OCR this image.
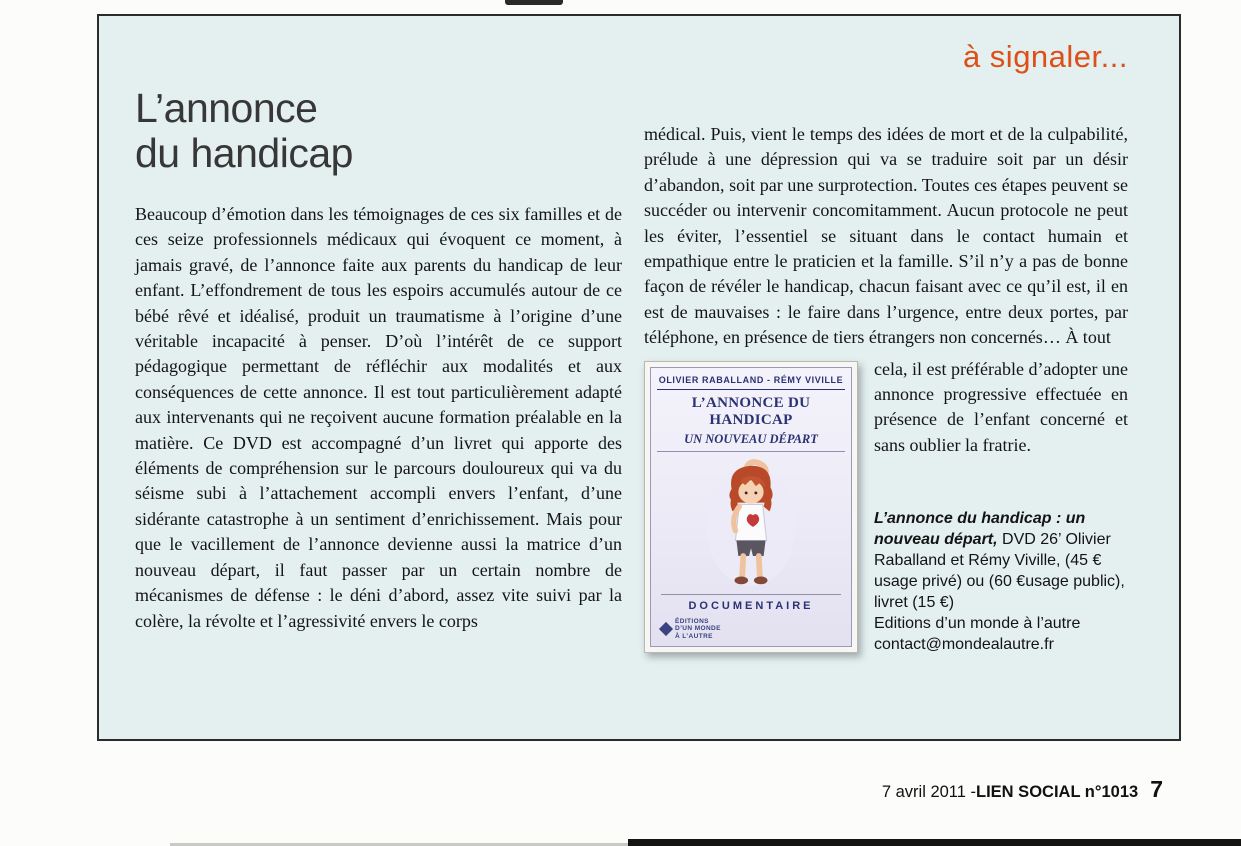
à signaler...
L’annonce
du handicap

Beaucoup d’émotion dans les témoignages de ces six familles et de ces seize professionnels médicaux qui évoquent ce moment, à jamais gravé, de l’annonce faite aux parents du handicap de leur enfant. L’effondrement de tous les espoirs accumulés autour de ce bébé rêvé et idéalisé, produit un traumatisme à l’origine d’une véritable incapacité à penser. D’où l’intérêt de ce support pédagogique permettant de réfléchir aux modalités et aux conséquences de cette annonce. Il est tout particulièrement adapté aux intervenants qui ne reçoivent aucune formation préalable en la matière. Ce DVD est accompagné d’un livret qui apporte des éléments de compréhension sur le parcours douloureux qui va du séisme subi à l’attachement accompli envers l’enfant, d’une sidérante catastrophe à un sentiment d’enrichissement. Mais pour que le vacillement de l’annonce devienne aussi la matrice d’un nouveau départ, il faut passer par un certain nombre de mécanismes de défense : le déni d’abord, assez vite suivi par la colère, la révolte et l’agressivité envers le corps

médical. Puis, vient le temps des idées de mort et de la culpabilité, prélude à une dépression qui va se traduire soit par un désir d’abandon, soit par une surprotection. Toutes ces étapes peuvent se succéder ou intervenir concomitamment. Aucun protocole ne peut les éviter, l’essentiel se situant dans le contact humain et empathique entre le praticien et la famille. S’il n’y a pas de bonne façon de révéler le handicap, chacun faisant avec ce qu’il est, il en est de mauvaises : le faire dans l’urgence, entre deux portes, par téléphone, en présence de tiers étrangers non concernés… À tout

OLIVIER RABALLAND - RÉMY VIVILLE
L’ANNONCE DU HANDICAP
UN NOUVEAU DÉPART
DOCUMENTAIRE
ÉDITIONS
D’UN MONDE
À L’AUTRE

cela, il est préférable d’adopter une annonce progressive effectuée en présence de l’enfant concerné et sans oublier la fratrie.

L’annonce du handicap : un nouveau départ, DVD 26’ Olivier Raballand et Rémy Viville, (45 € usage privé) ou (60 €usage public), livret (15 €)
Editions d’un monde à l’autre
contact@mondealautre.fr
7 avril 2011 - LIEN SOCIAL n°1013 7
